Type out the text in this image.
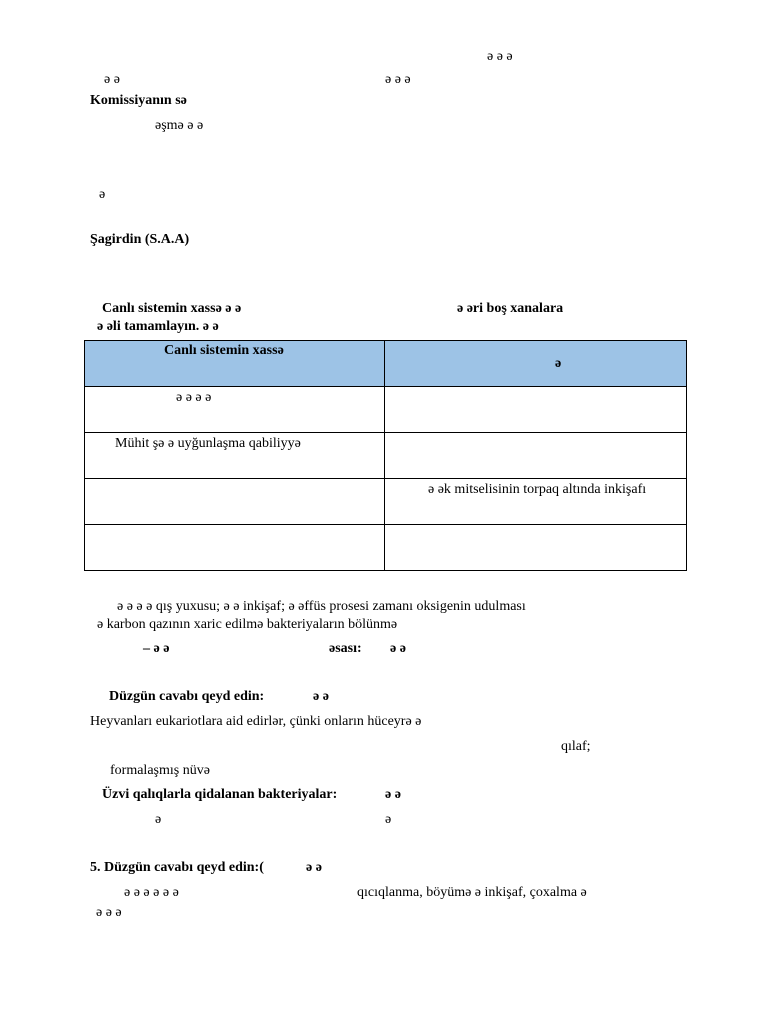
ə ə ə
ə ə	ə ə ə
Komissiyanın sə
əşmə ə ə
ə
Şagirdin (S.A.A)
Canlı sistemin xassə ə ə	ə əri boş xanalara
ə əli tamamlayın. ə ə
Canlı sistemin xassə	ə

ə ə ə ə	

Mühit şə ə uyğunlaşma qabiliyyə	

	ə ək mitselisinin torpaq altında inkişafı

ə ə ə ə qış yuxusu; ə ə inkişaf; ə əffüs prosesi zamanı oksigenin udulması
ə karbon qazının xaric edilmə bakteriyaların bölünmə
– ə ə	əsası: ə ə
Düzgün cavabı qeyd edin:	ə ə
Heyvanları eukariotlara aid edirlər, çünki onların hüceyrə ə
qılaf;
formalaşmış nüvə
Üzvi qalıqlarla qidalanan bakteriyalar:	ə ə
ə	ə
5. Düzgün cavabı qeyd edin:(	ə ə
ə ə ə ə ə ə	qıcıqlanma, böyümə ə inkişaf, çoxalma ə
ə ə ə
